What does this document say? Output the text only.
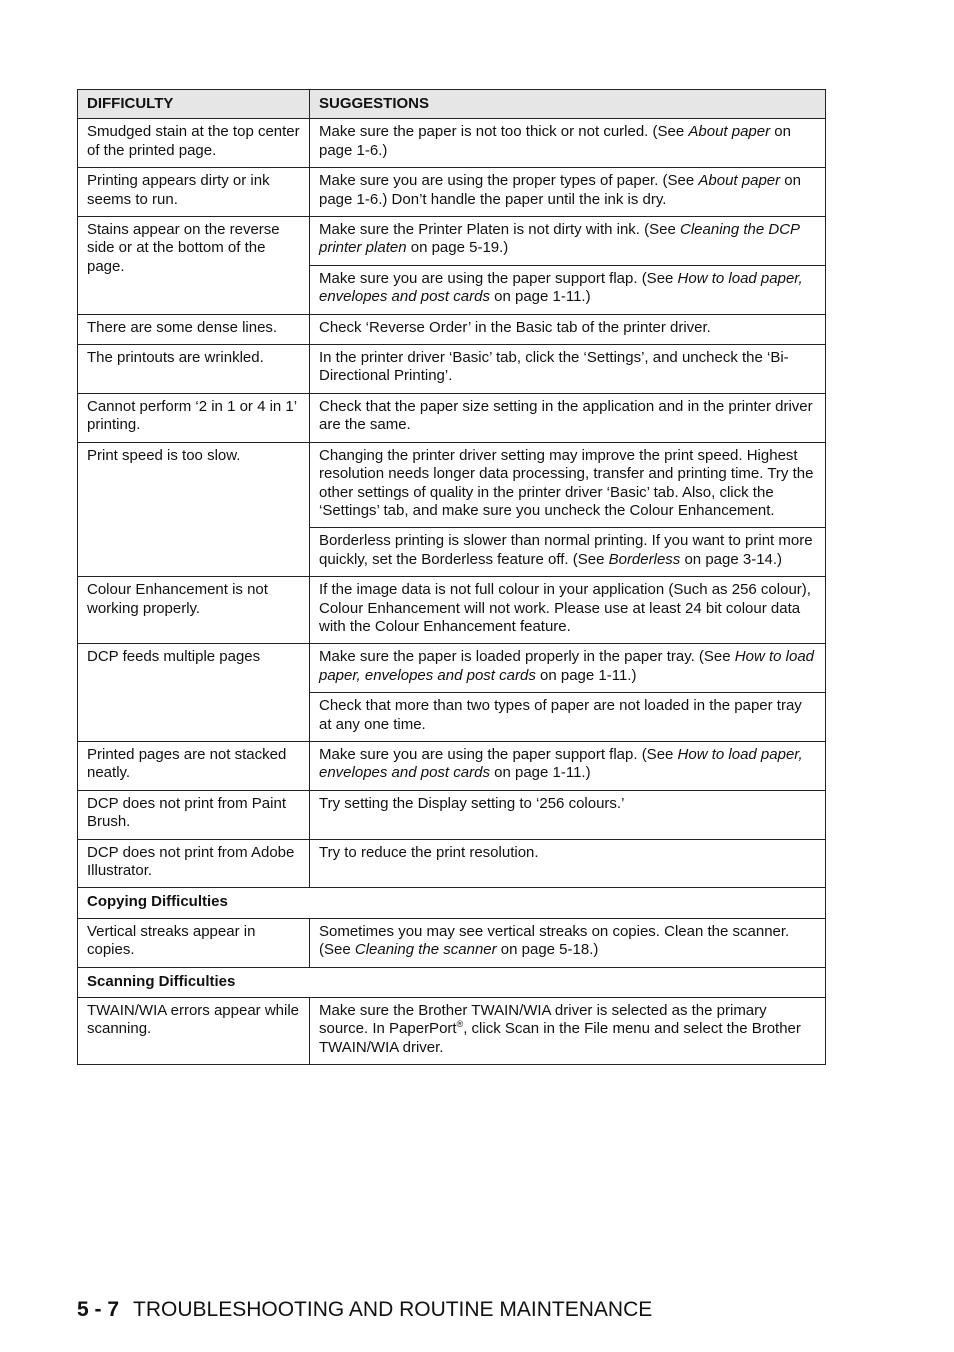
DIFFICULTY	SUGGESTIONS
Smudged stain at the top center of the printed page.	Make sure the paper is not too thick or not curled. (See About paper on page 1-6.)
Printing appears dirty or ink seems to run.	Make sure you are using the proper types of paper. (See About paper on page 1-6.) Don’t handle the paper until the ink is dry.
Stains appear on the reverse side or at the bottom of the page.	Make sure the Printer Platen is not dirty with ink. (See Cleaning the DCP printer platen on page 5-19.)
	Make sure you are using the paper support flap. (See How to load paper, envelopes and post cards on page 1-11.)
There are some dense lines.	Check ‘Reverse Order’ in the Basic tab of the printer driver.
The printouts are wrinkled.	In the printer driver ‘Basic’ tab, click the ‘Settings’, and uncheck the ‘Bi-Directional Printing’.
Cannot perform ‘2 in 1 or 4 in 1’ printing.	Check that the paper size setting in the application and in the printer driver are the same.
Print speed is too slow.	Changing the printer driver setting may improve the print speed. Highest resolution needs longer data processing, transfer and printing time. Try the other settings of quality in the printer driver ‘Basic’ tab. Also, click the ‘Settings’ tab, and make sure you uncheck the Colour Enhancement.
	Borderless printing is slower than normal printing. If you want to print more quickly, set the Borderless feature off. (See Borderless on page 3-14.)
Colour Enhancement is not working properly.	If the image data is not full colour in your application (Such as 256 colour), Colour Enhancement will not work. Please use at least 24 bit colour data with the Colour Enhancement feature.
DCP feeds multiple pages	Make sure the paper is loaded properly in the paper tray. (See How to load paper, envelopes and post cards on page 1-11.)
	Check that more than two types of paper are not loaded in the paper tray at any one time.
Printed pages are not stacked neatly.	Make sure you are using the paper support flap. (See How to load paper, envelopes and post cards on page 1-11.)
DCP does not print from Paint Brush.	Try setting the Display setting to ‘256 colours.’
DCP does not print from Adobe Illustrator.	Try to reduce the print resolution.
Copying Difficulties	
Vertical streaks appear in copies.	Sometimes you may see vertical streaks on copies. Clean the scanner. (See Cleaning the scanner on page 5-18.)
Scanning Difficulties	
TWAIN/WIA errors appear while scanning.	Make sure the Brother TWAIN/WIA driver is selected as the primary source. In PaperPort®, click Scan in the File menu and select the Brother TWAIN/WIA driver.
5 - 7 TROUBLESHOOTING AND ROUTINE MAINTENANCE
